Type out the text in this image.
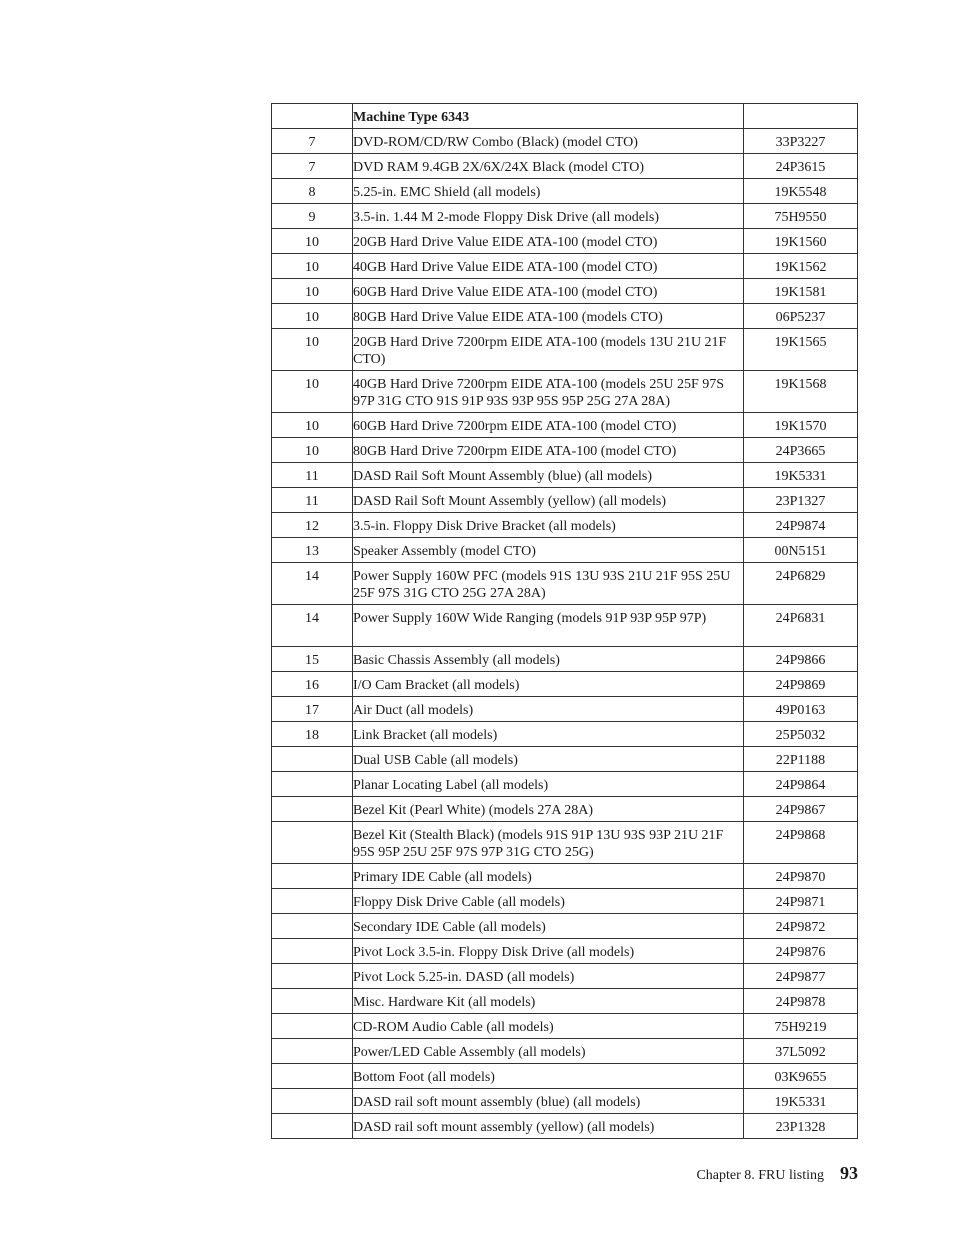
	Machine Type 6343	

7	DVD-ROM/CD/RW Combo (Black) (model CTO)	33P3227

7	DVD RAM 9.4GB 2X/6X/24X Black (model CTO)	24P3615

8	5.25-in. EMC Shield (all models)	19K5548

9	3.5-in. 1.44 M 2-mode Floppy Disk Drive (all models)	75H9550

10	20GB Hard Drive Value EIDE ATA-100 (model CTO)	19K1560

10	40GB Hard Drive Value EIDE ATA-100 (model CTO)	19K1562

10	60GB Hard Drive Value EIDE ATA-100 (model CTO)	19K1581

10	80GB Hard Drive Value EIDE ATA-100 (models CTO)	06P5237

10	20GB Hard Drive 7200rpm EIDE ATA-100 (models 13U 21U 21F CTO)	19K1565

10	40GB Hard Drive 7200rpm EIDE ATA-100 (models 25U 25F 97S 97P 31G CTO 91S 91P 93S 93P 95S 95P 25G 27A 28A)	19K1568

10	60GB Hard Drive 7200rpm EIDE ATA-100 (model CTO)	19K1570

10	80GB Hard Drive 7200rpm EIDE ATA-100 (model CTO)	24P3665

11	DASD Rail Soft Mount Assembly (blue) (all models)	19K5331

11	DASD Rail Soft Mount Assembly (yellow) (all models)	23P1327

12	3.5-in. Floppy Disk Drive Bracket (all models)	24P9874

13	Speaker Assembly (model CTO)	00N5151

14	Power Supply 160W PFC (models 91S 13U 93S 21U 21F 95S 25U 25F 97S 31G CTO 25G 27A 28A)	24P6829

14	Power Supply 160W Wide Ranging (models 91P 93P 95P 97P)	24P6831

15	Basic Chassis Assembly (all models)	24P9866

16	I/O Cam Bracket (all models)	24P9869

17	Air Duct (all models)	49P0163

18	Link Bracket (all models)	25P5032

	Dual USB Cable (all models)	22P1188

	Planar Locating Label (all models)	24P9864

	Bezel Kit (Pearl White) (models 27A 28A)	24P9867

	Bezel Kit (Stealth Black) (models 91S 91P 13U 93S 93P 21U 21F 95S 95P 25U 25F 97S 97P 31G CTO 25G)	24P9868

	Primary IDE Cable (all models)	24P9870

	Floppy Disk Drive Cable (all models)	24P9871

	Secondary IDE Cable (all models)	24P9872

	Pivot Lock 3.5-in. Floppy Disk Drive (all models)	24P9876

	Pivot Lock 5.25-in. DASD (all models)	24P9877

	Misc. Hardware Kit (all models)	24P9878

	CD-ROM Audio Cable (all models)	75H9219

	Power/LED Cable Assembly (all models)	37L5092

	Bottom Foot (all models)	03K9655

	DASD rail soft mount assembly (blue) (all models)	19K5331

	DASD rail soft mount assembly (yellow) (all models)	23P1328
Chapter 8. FRU listing 93
